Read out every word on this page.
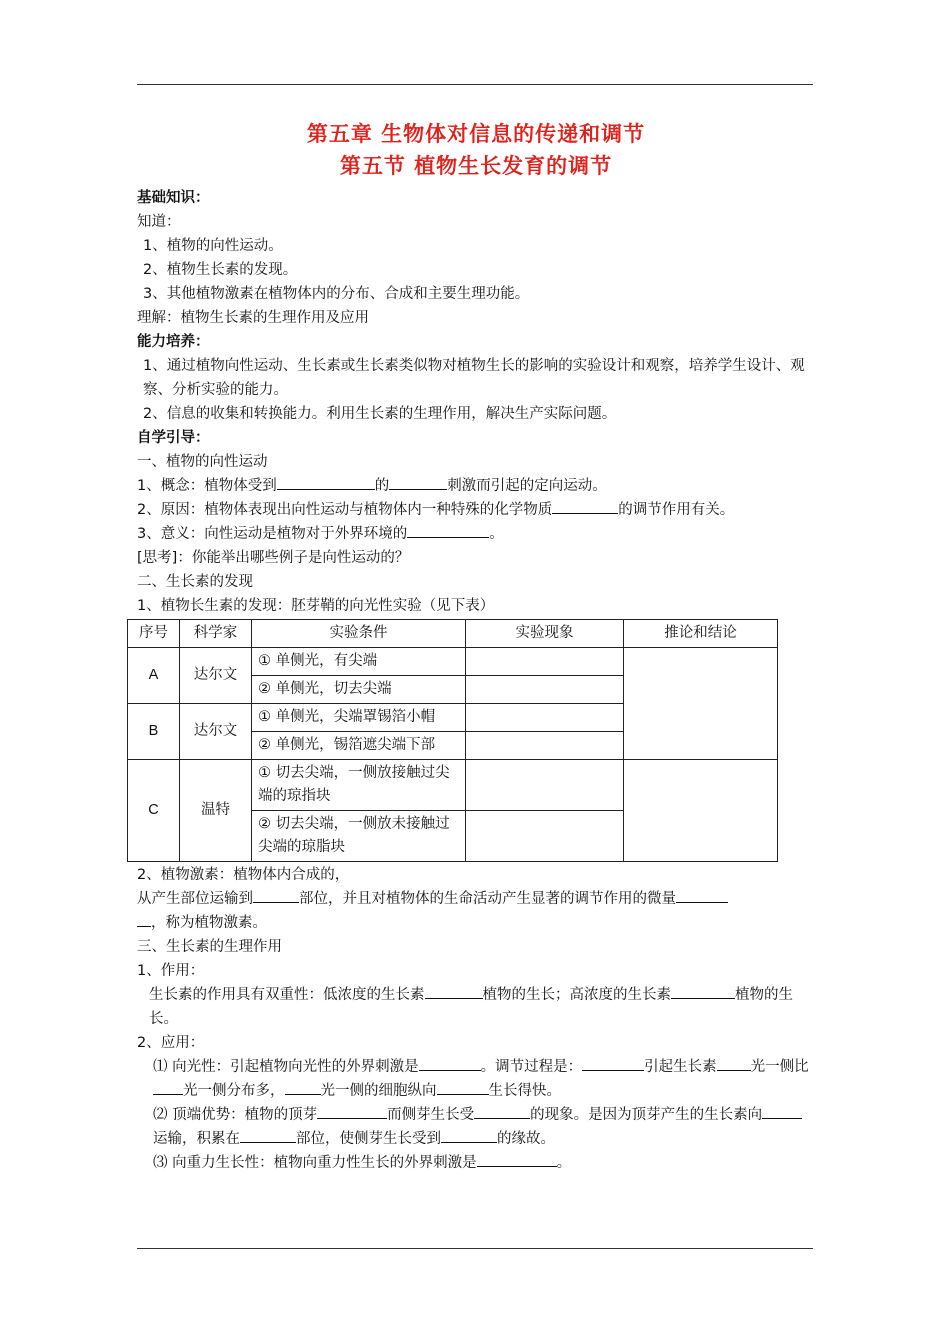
第五章 生物体对信息的传递和调节
第五节 植物生长发育的调节
基础知识：
知道：
1、植物的向性运动。
2、植物生长素的发现。
3、其他植物激素在植物体内的分布、合成和主要生理功能。
理解：植物生长素的生理作用及应用
能力培养：
1、通过植物向性运动、生长素或生长素类似物对植物生长的影响的实验设计和观察，培养学生设计、观察、分析实验的能力。
2、信息的收集和转换能力。利用生长素的生理作用，解决生产实际问题。
自学引导：
一、植物的向性运动
1、概念：植物体受到	的	刺激而引起的定向运动。
2、原因：植物体表现出向性运动与植物体内一种特殊的化学物质	的调节作用有关。
3、意义：向性运动是植物对于外界环境的	。
[思考]：你能举出哪些例子是向性运动的？
二、生长素的发现
1、植物长生素的发现：胚芽鞘的向光性实验（见下表）
序号	科学家	实验条件	实验现象	推论和结论
A	达尔文	① 单侧光，有尖端		
		② 单侧光，切去尖端		
B	达尔文	① 单侧光，尖端罩锡箔小帽		
		② 单侧光，锡箔遮尖端下部		
C	温特	① 切去尖端，一侧放接触过尖端的琼指块		
		② 切去尖端，一侧放未接触过尖端的琼脂块		
2、植物激素：植物体内合成的，
从产生部位运输到	部位，并且对植物体的生命活动产生显著的调节作用的微量
，称为植物激素。
三、生长素的生理作用
1、作用：
生长素的作用具有双重性：低浓度的生长素	植物的生长；高浓度的生长素	植物的生长。
2、应用：
⑴ 向光性：引起植物向光性的外界刺激是	。调节过程是：	引起生长素 光一侧比光一侧分布多， 光一侧的细胞纵向	生长得快。
⑵ 顶端优势：植物的顶芽	而侧芽生长受	的现象。是因为顶芽产生的生长素向运输，积累在	部位，使侧芽生长受到	的缘故。
⑶ 向重力生长性：植物向重力性生长的外界刺激是	。
